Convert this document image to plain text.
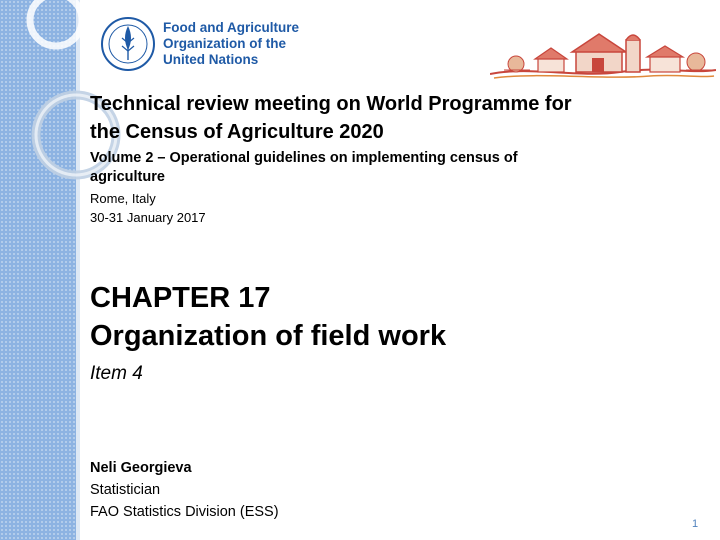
Food and Agriculture
Organization of the
United Nations
Technical review meeting on World Programme for
the Census of Agriculture 2020
Volume 2 – Operational guidelines on implementing census of
agriculture
Rome, Italy
30-31 January 2017
CHAPTER 17
Organization of field work
Item 4
Neli Georgieva
Statistician
FAO Statistics Division (ESS)
1
